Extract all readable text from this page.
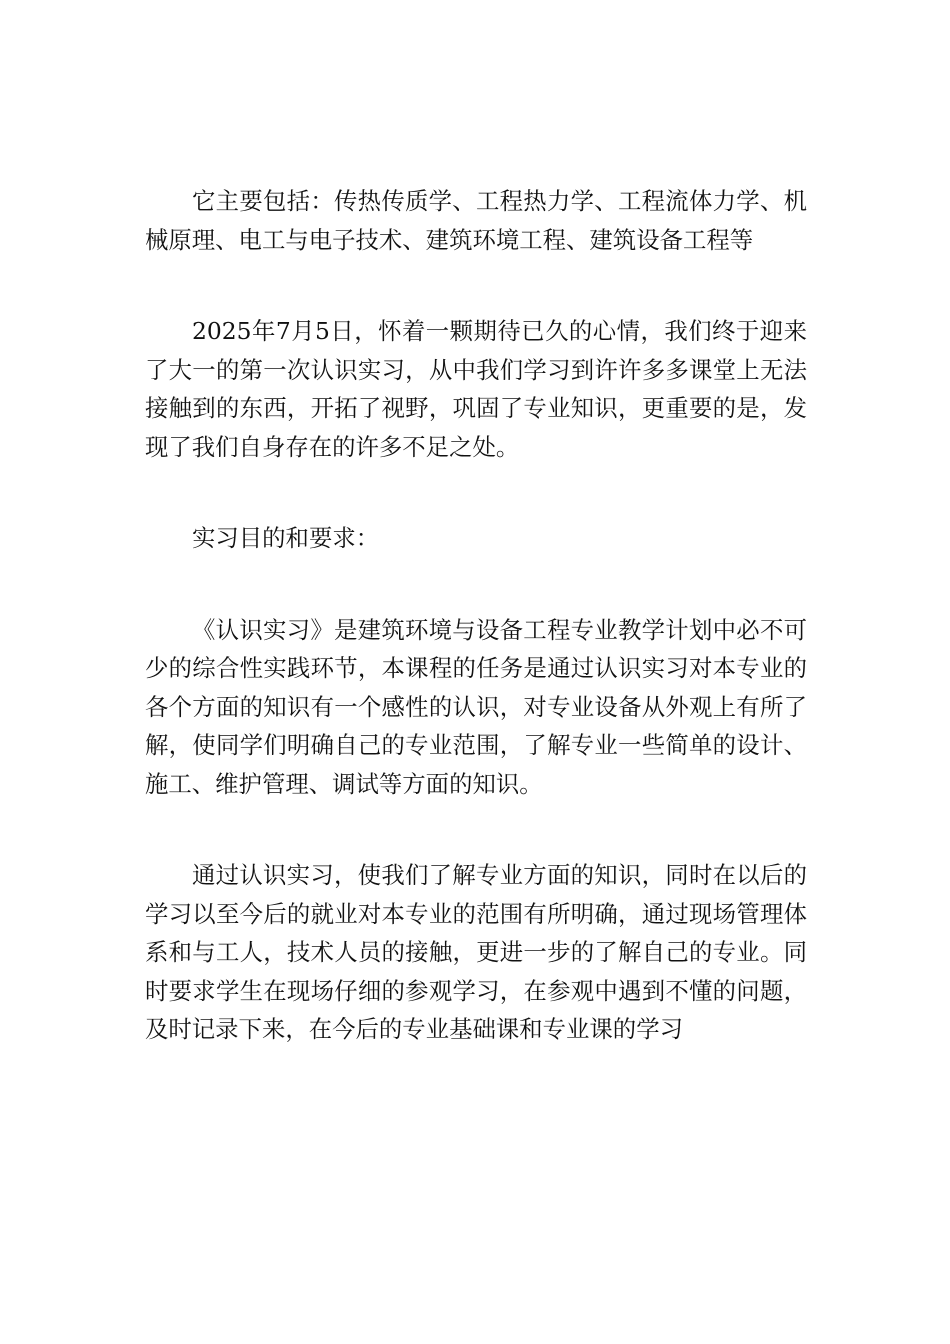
它主要包括：传热传质学、工程热力学、工程流体力学、机械原理、电工与电子技术、建筑环境工程、建筑设备工程等

2025年7月5日，怀着一颗期待已久的心情，我们终于迎来了大一的第一次认识实习，从中我们学习到许许多多课堂上无法接触到的东西，开拓了视野，巩固了专业知识，更重要的是，发现了我们自身存在的许多不足之处。

实习目的和要求：

《认识实习》是建筑环境与设备工程专业教学计划中必不可少的综合性实践环节，本课程的任务是通过认识实习对本专业的各个方面的知识有一个感性的认识，对专业设备从外观上有所了解，使同学们明确自己的专业范围，了解专业一些简单的设计、施工、维护管理、调试等方面的知识。

通过认识实习，使我们了解专业方面的知识，同时在以后的学习以至今后的就业对本专业的范围有所明确，通过现场管理体系和与工人，技术人员的接触，更进一步的了解自己的专业。同时要求学生在现场仔细的参观学习，在参观中遇到不懂的问题，及时记录下来，在今后的专业基础课和专业课的学习
